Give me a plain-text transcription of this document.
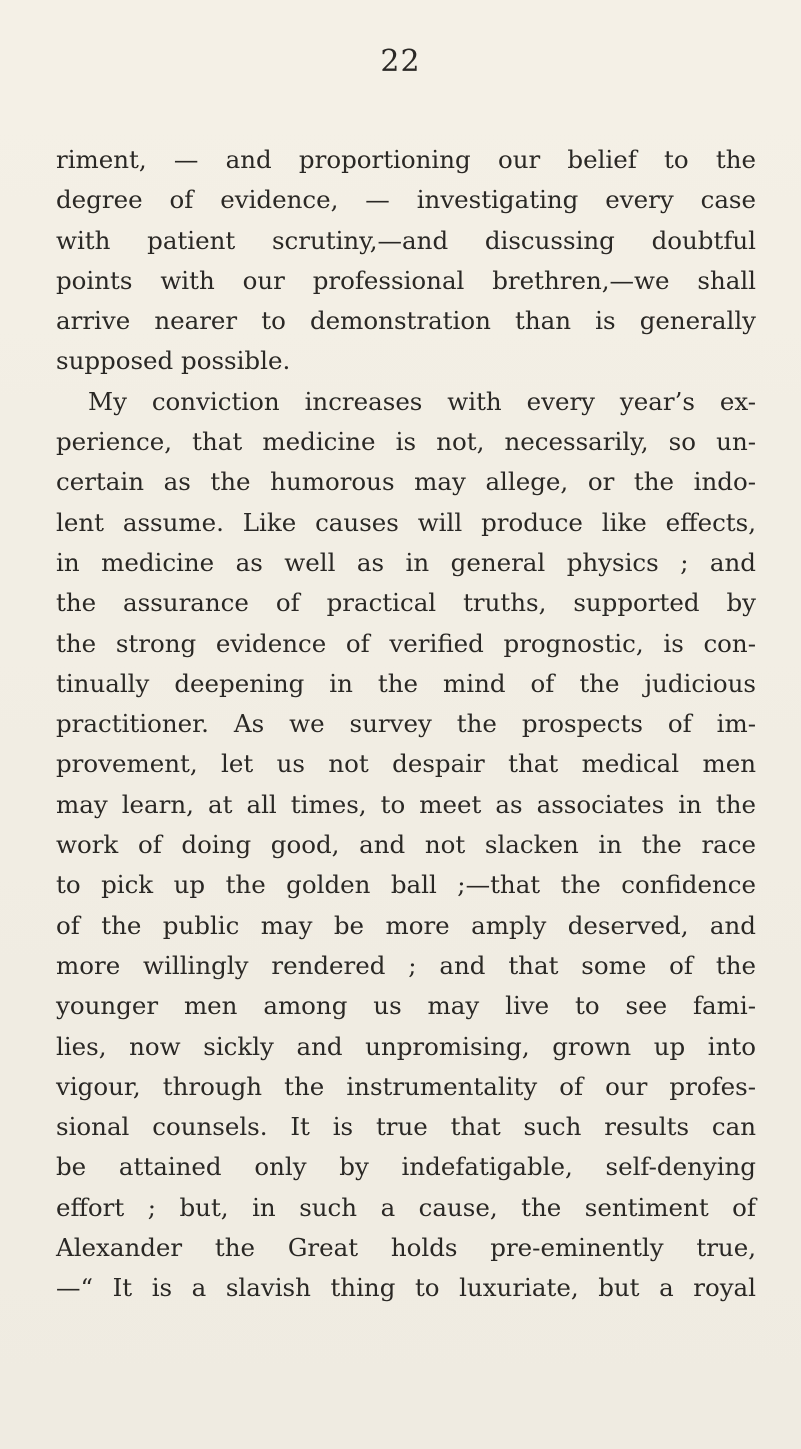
22
riment, — and proportioning our belief to the
degree of evidence, — investigating every case
with patient scrutiny,—and discussing doubtful
points with our professional brethren,—we shall
arrive nearer to demonstration than is generally
supposed possible.
My conviction increases with every year’s ex-
perience, that medicine is not, necessarily, so un-
certain as the humorous may allege, or the indo-
lent assume. Like causes will produce like effects,
in medicine as well as in general physics ; and
the assurance of practical truths, supported by
the strong evidence of verified prognostic, is con-
tinually deepening in the mind of the judicious
practitioner. As we survey the prospects of im-
provement, let us not despair that medical men
may learn, at all times, to meet as associates in the
work of doing good, and not slacken in the race
to pick up the golden ball ;—that the confidence
of the public may be more amply deserved, and
more willingly rendered ; and that some of the
younger men among us may live to see fami-
lies, now sickly and unpromising, grown up into
vigour, through the instrumentality of our profes-
sional counsels. It is true that such results can
be attained only by indefatigable, self-denying
effort ; but, in such a cause, the sentiment of
Alexander the Great holds pre-eminently true,
—“ It is a slavish thing to luxuriate, but a royal
